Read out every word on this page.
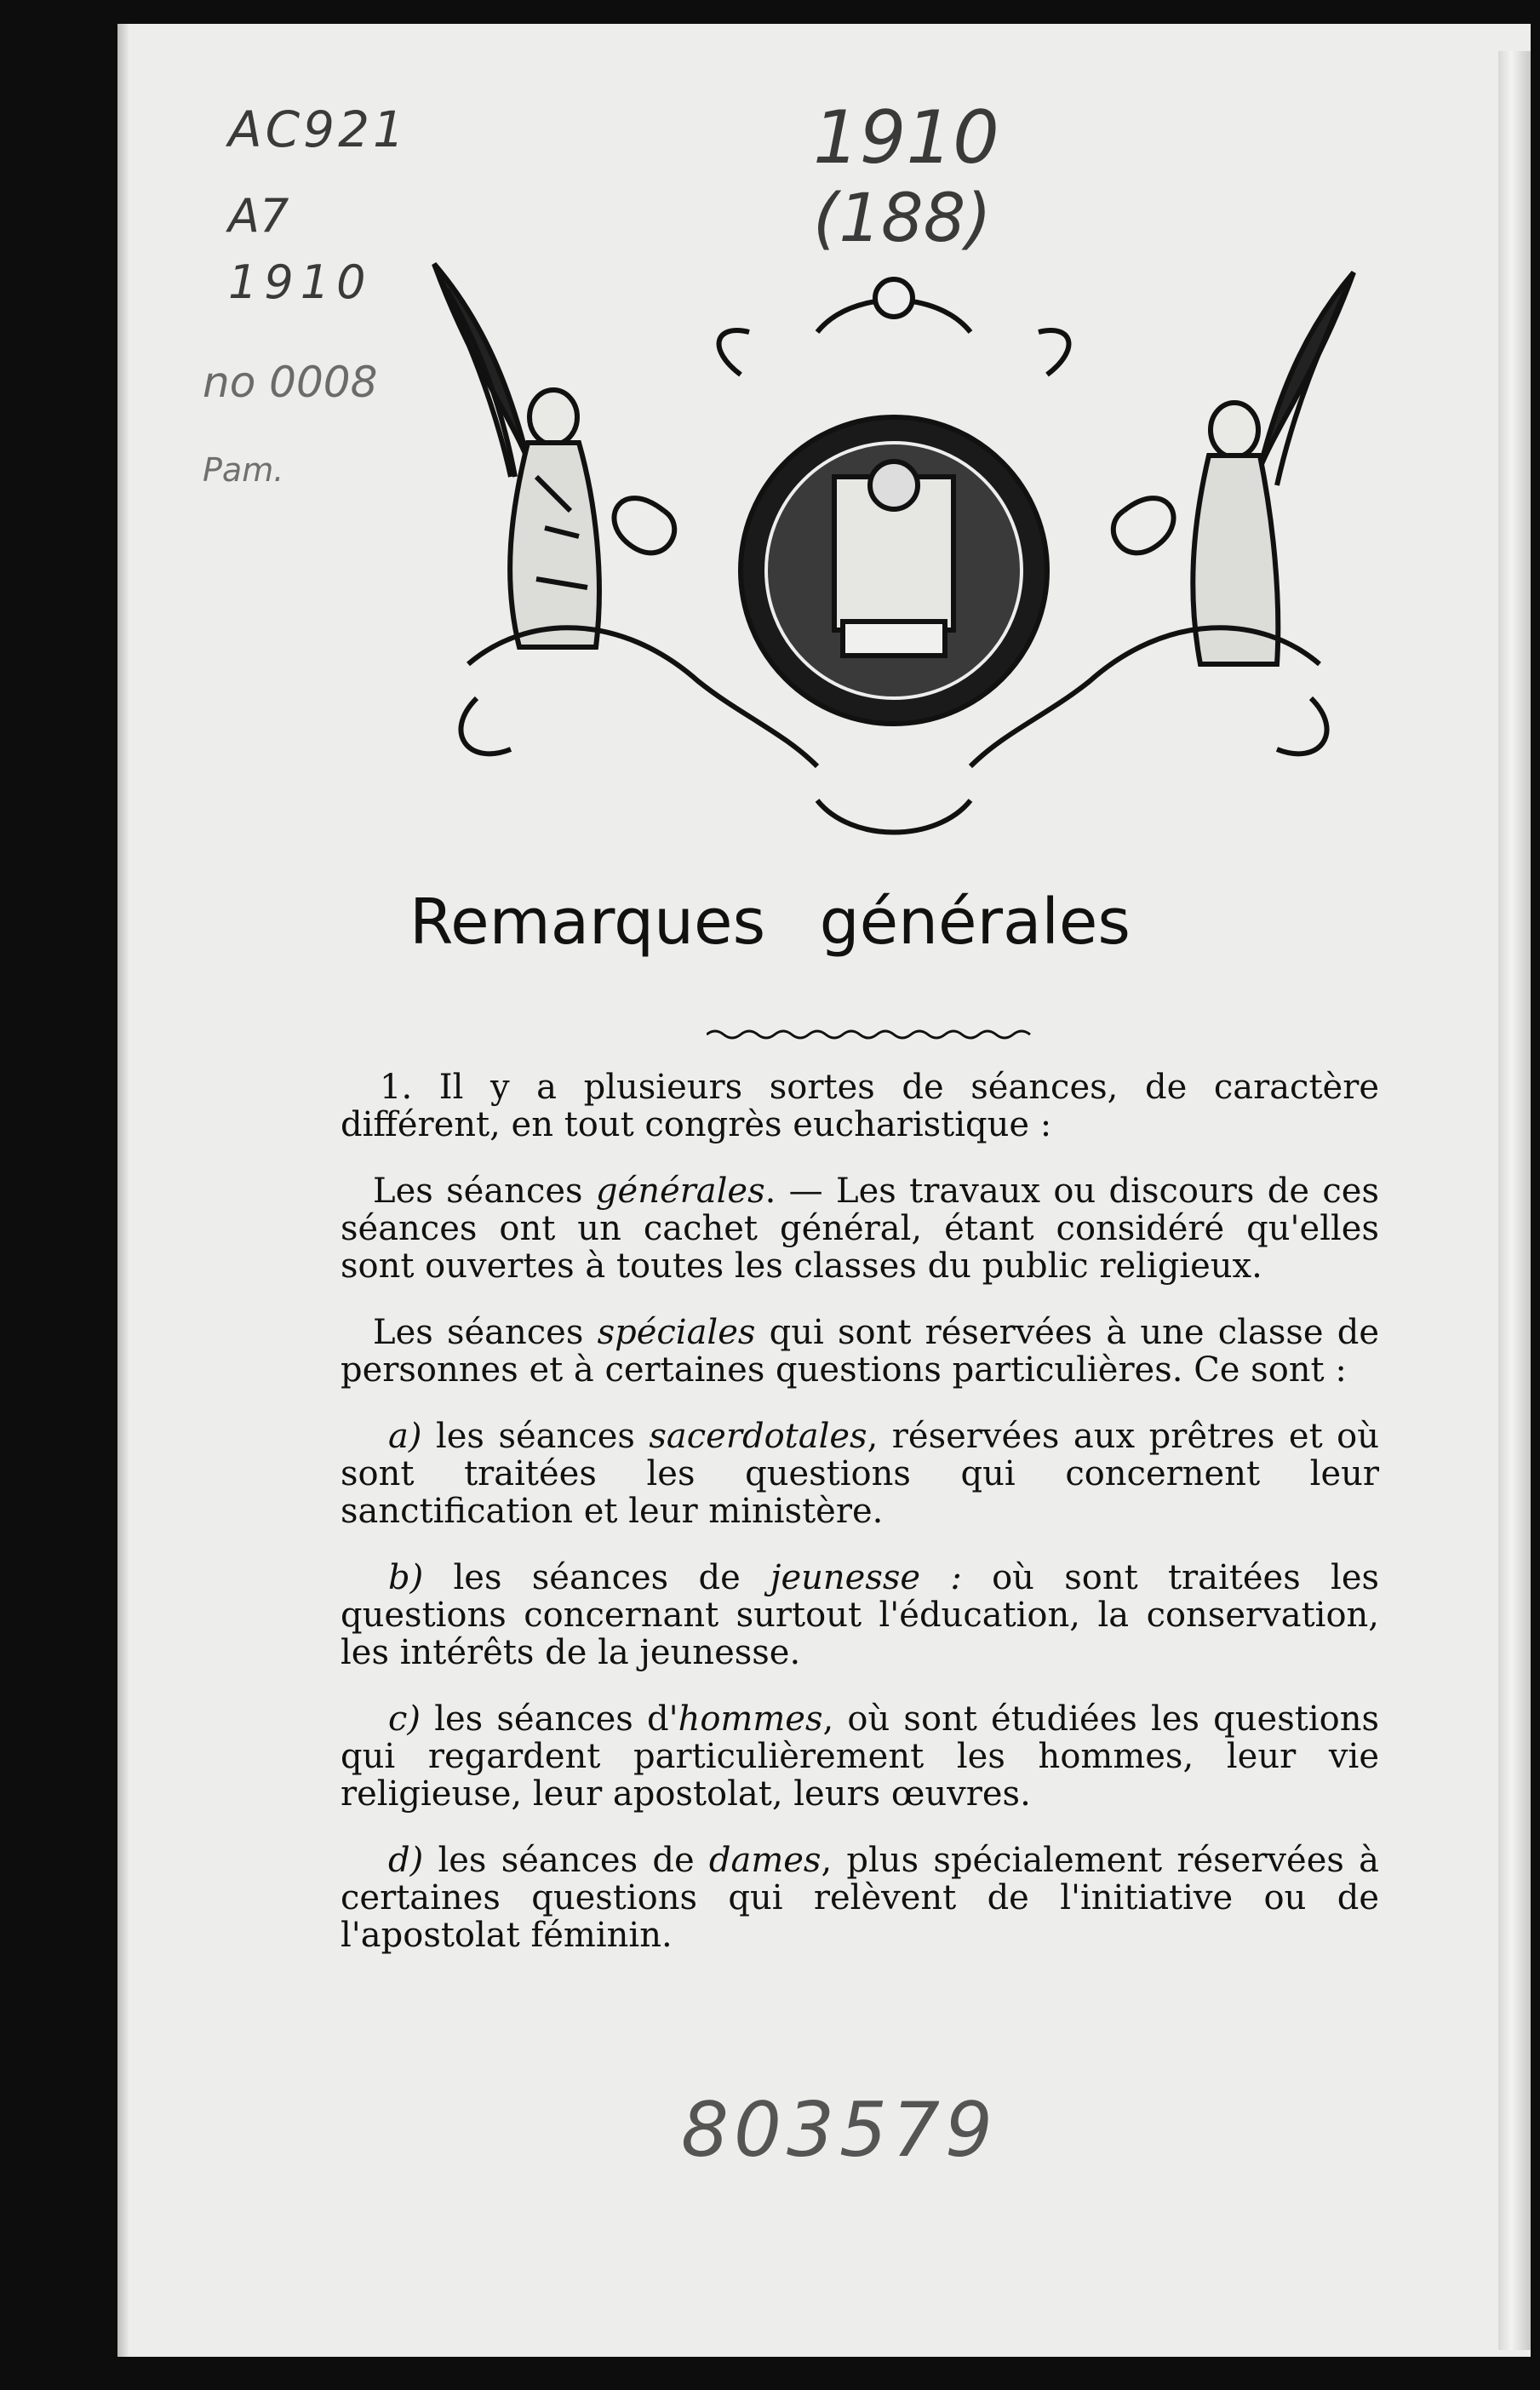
AC921
A7
1910
no 0008
Pam.
1910
(188)
Remarques générales

1. Il y a plusieurs sortes de séances, de caractère différent, en tout congrès eucharistique :

Les séances générales. — Les travaux ou discours de ces séances ont un cachet général, étant considéré qu'elles sont ouvertes à toutes les classes du public religieux.

Les séances spéciales qui sont réservées à une classe de personnes et à certaines questions particulières. Ce sont :

a) les séances sacerdotales, réservées aux prêtres et où sont traitées les questions qui concernent leur sanctification et leur ministère.

b) les séances de jeunesse : où sont traitées les questions concernant surtout l'éducation, la conservation, les intérêts de la jeunesse.

c) les séances d'hommes, où sont étudiées les questions qui regardent particulièrement les hommes, leur vie religieuse, leur apostolat, leurs œuvres.

d) les séances de dames, plus spécialement réservées à certaines questions qui relèvent de l'initiative ou de l'apostolat féminin.

803579
